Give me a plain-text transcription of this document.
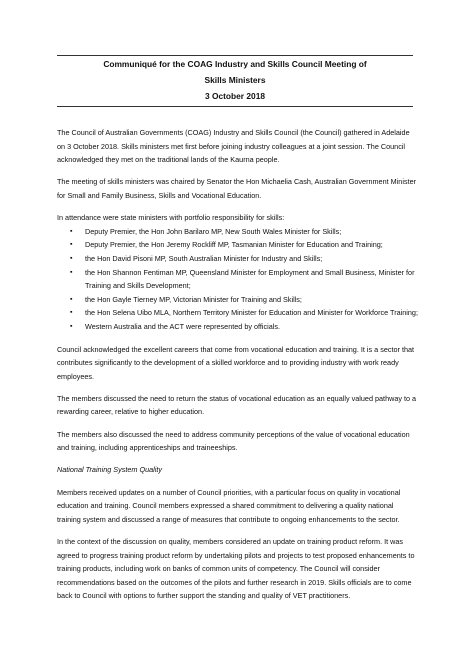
Communiqué for the COAG Industry and Skills Council Meeting of
Skills Ministers
3 October 2018

The Council of Australian Governments (COAG) Industry and Skills Council (the Council) gathered in Adelaide on 3 October 2018. Skills ministers met first before joining industry colleagues at a joint session. The Council acknowledged they met on the traditional lands of the Kaurna people.

The meeting of skills ministers was chaired by Senator the Hon Michaelia Cash, Australian Government Minister for Small and Family Business, Skills and Vocational Education.

In attendance were state ministers with portfolio responsibility for skills:

▪ Deputy Premier, the Hon John Barilaro MP, New South Wales Minister for Skills;
▪ Deputy Premier, the Hon Jeremy Rockliff MP, Tasmanian Minister for Education and Training;
▪ the Hon David Pisoni MP, South Australian Minister for Industry and Skills;
▪ the Hon Shannon Fentiman MP, Queensland Minister for Employment and Small Business, Minister for Training and Skills Development;
▪ the Hon Gayle Tierney MP, Victorian Minister for Training and Skills;
▪ the Hon Selena Uibo MLA, Northern Territory Minister for Education and Minister for Workforce Training;
▪ Western Australia and the ACT were represented by officials.

Council acknowledged the excellent careers that come from vocational education and training. It is a sector that contributes significantly to the development of a skilled workforce and to providing industry with work ready employees.

The members discussed the need to return the status of vocational education as an equally valued pathway to a rewarding career, relative to higher education.

The members also discussed the need to address community perceptions of the value of vocational education and training, including apprenticeships and traineeships.

National Training System Quality

Members received updates on a number of Council priorities, with a particular focus on quality in vocational education and training. Council members expressed a shared commitment to delivering a quality national training system and discussed a range of measures that contribute to ongoing enhancements to the sector.

In the context of the discussion on quality, members considered an update on training product reform. It was agreed to progress training product reform by undertaking pilots and projects to test proposed enhancements to training products, including work on banks of common units of competency. The Council will consider recommendations based on the outcomes of the pilots and further research in 2019. Skills officials are to come back to Council with options to further support the standing and quality of VET practitioners.
